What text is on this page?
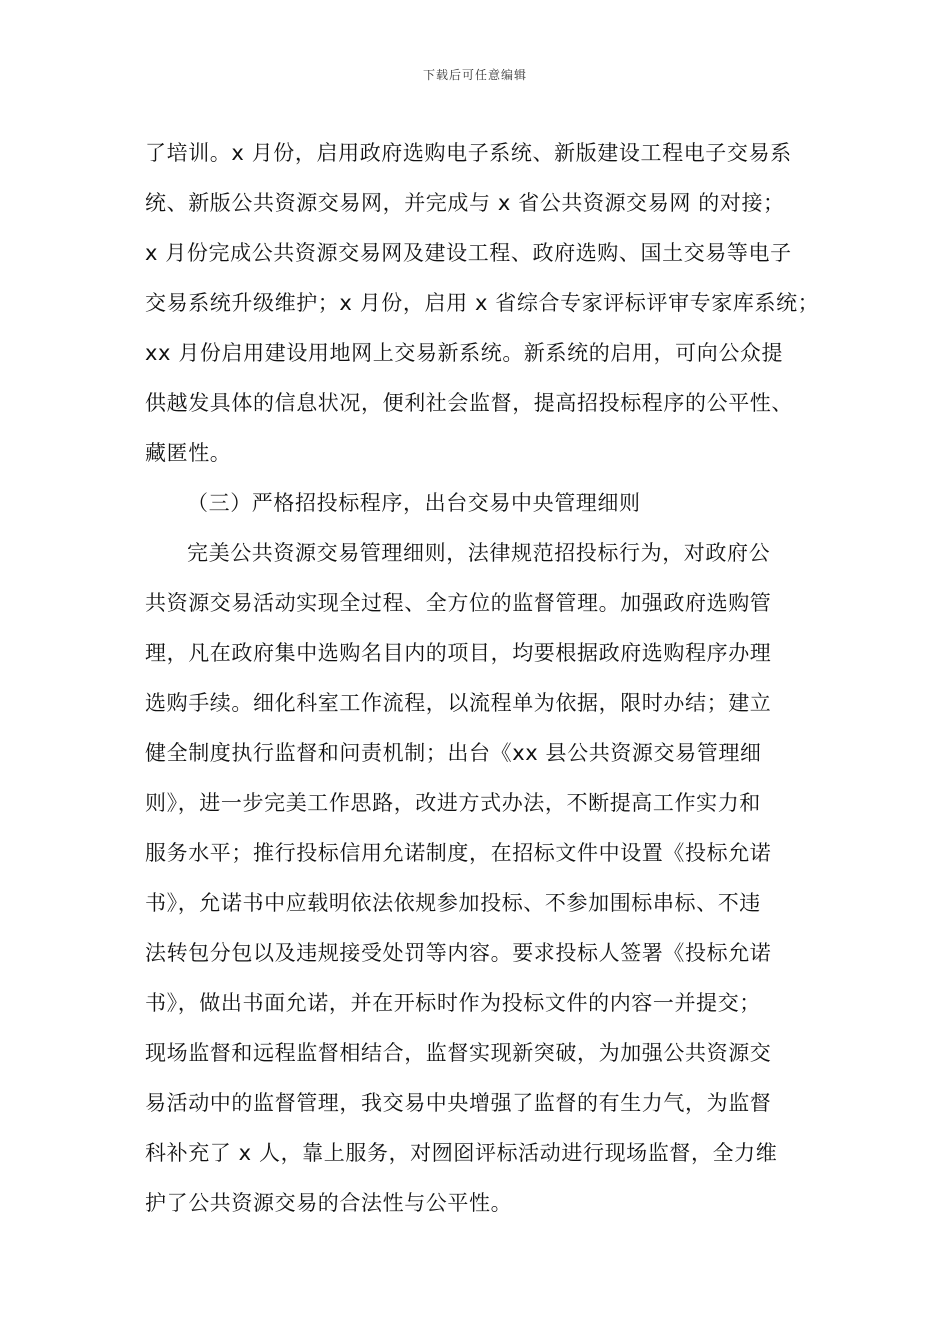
下载后可任意编辑
了培训。x 月份，启用政府选购电子系统、新版建设工程电子交易系
统、新版公共资源交易网，并完成与 x 省公共资源交易网 的对接；
x 月份完成公共资源交易网及建设工程、政府选购、国土交易等电子
交易系统升级维护；x 月份，启用 x 省综合专家评标评审专家库系统；
xx 月份启用建设用地网上交易新系统。新系统的启用，可向公众提
供越发具体的信息状况，便利社会监督，提高招投标程序的公平性、
藏匿性。
（三）严格招投标程序，出台交易中央管理细则
完美公共资源交易管理细则，法律规范招投标行为，对政府公
共资源交易活动实现全过程、全方位的监督管理。加强政府选购管
理，凡在政府集中选购名目内的项目，均要根据政府选购程序办理
选购手续。细化科室工作流程，以流程单为依据，限时办结；建立
健全制度执行监督和问责机制；出台《xx 县公共资源交易管理细
则》，进一步完美工作思路，改进方式办法，不断提高工作实力和
服务水平；推行投标信用允诺制度，在招标文件中设置《投标允诺
书》，允诺书中应载明依法依规参加投标、不参加围标串标、不违
法转包分包以及违规接受处罚等内容。要求投标人签署《投标允诺
书》，做出书面允诺，并在开标时作为投标文件的内容一并提交；
现场监督和远程监督相结合，监督实现新突破，为加强公共资源交
易活动中的监督管理，我交易中央增强了监督的有生力气，为监督
科补充了 x 人，靠上服务，对囫囵评标活动进行现场监督，全力维
护了公共资源交易的合法性与公平性。
